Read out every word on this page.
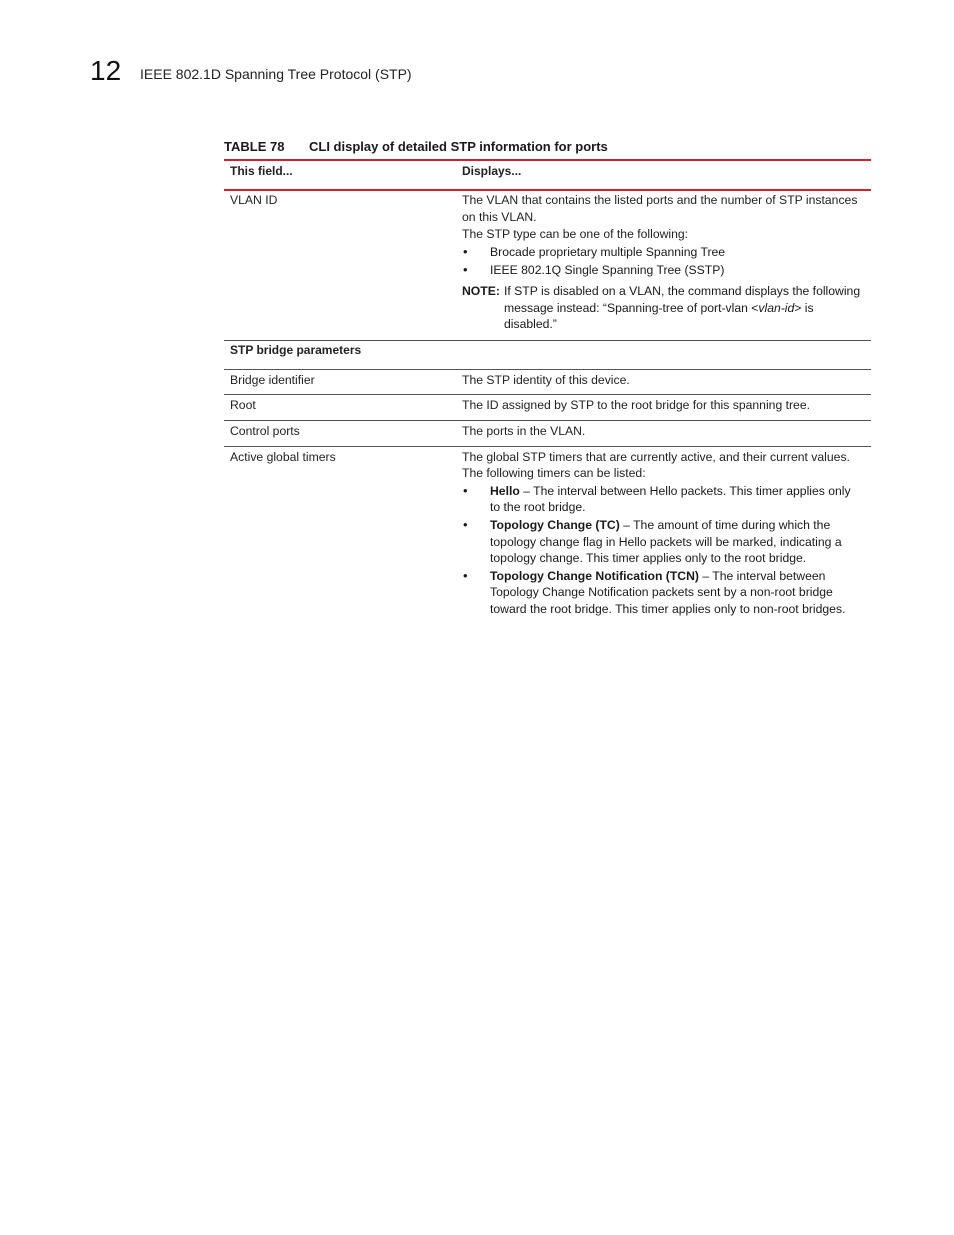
12 IEEE 802.1D Spanning Tree Protocol (STP)
TABLE 78 CLI display of detailed STP information for ports
This field...	Displays...
VLAN ID	The VLAN that contains the listed ports and the number of STP instances
on this VLAN.
The STP type can be one of the following:
• Brocade proprietary multiple Spanning Tree
• IEEE 802.1Q Single Spanning Tree (SSTP)
NOTE: If STP is disabled on a VLAN, the command displays the following
message instead: “Spanning-tree of port-vlan <vlan-id> is
disabled.”
STP bridge parameters
Bridge identifier	The STP identity of this device.
Root	The ID assigned by STP to the root bridge for this spanning tree.
Control ports	The ports in the VLAN.
Active global timers	The global STP timers that are currently active, and their current values.
The following timers can be listed:
• Hello – The interval between Hello packets. This timer applies only
to the root bridge.
• Topology Change (TC) – The amount of time during which the
topology change flag in Hello packets will be marked, indicating a
topology change. This timer applies only to the root bridge.
• Topology Change Notification (TCN) – The interval between
Topology Change Notification packets sent by a non-root bridge
toward the root bridge. This timer applies only to non-root bridges.
